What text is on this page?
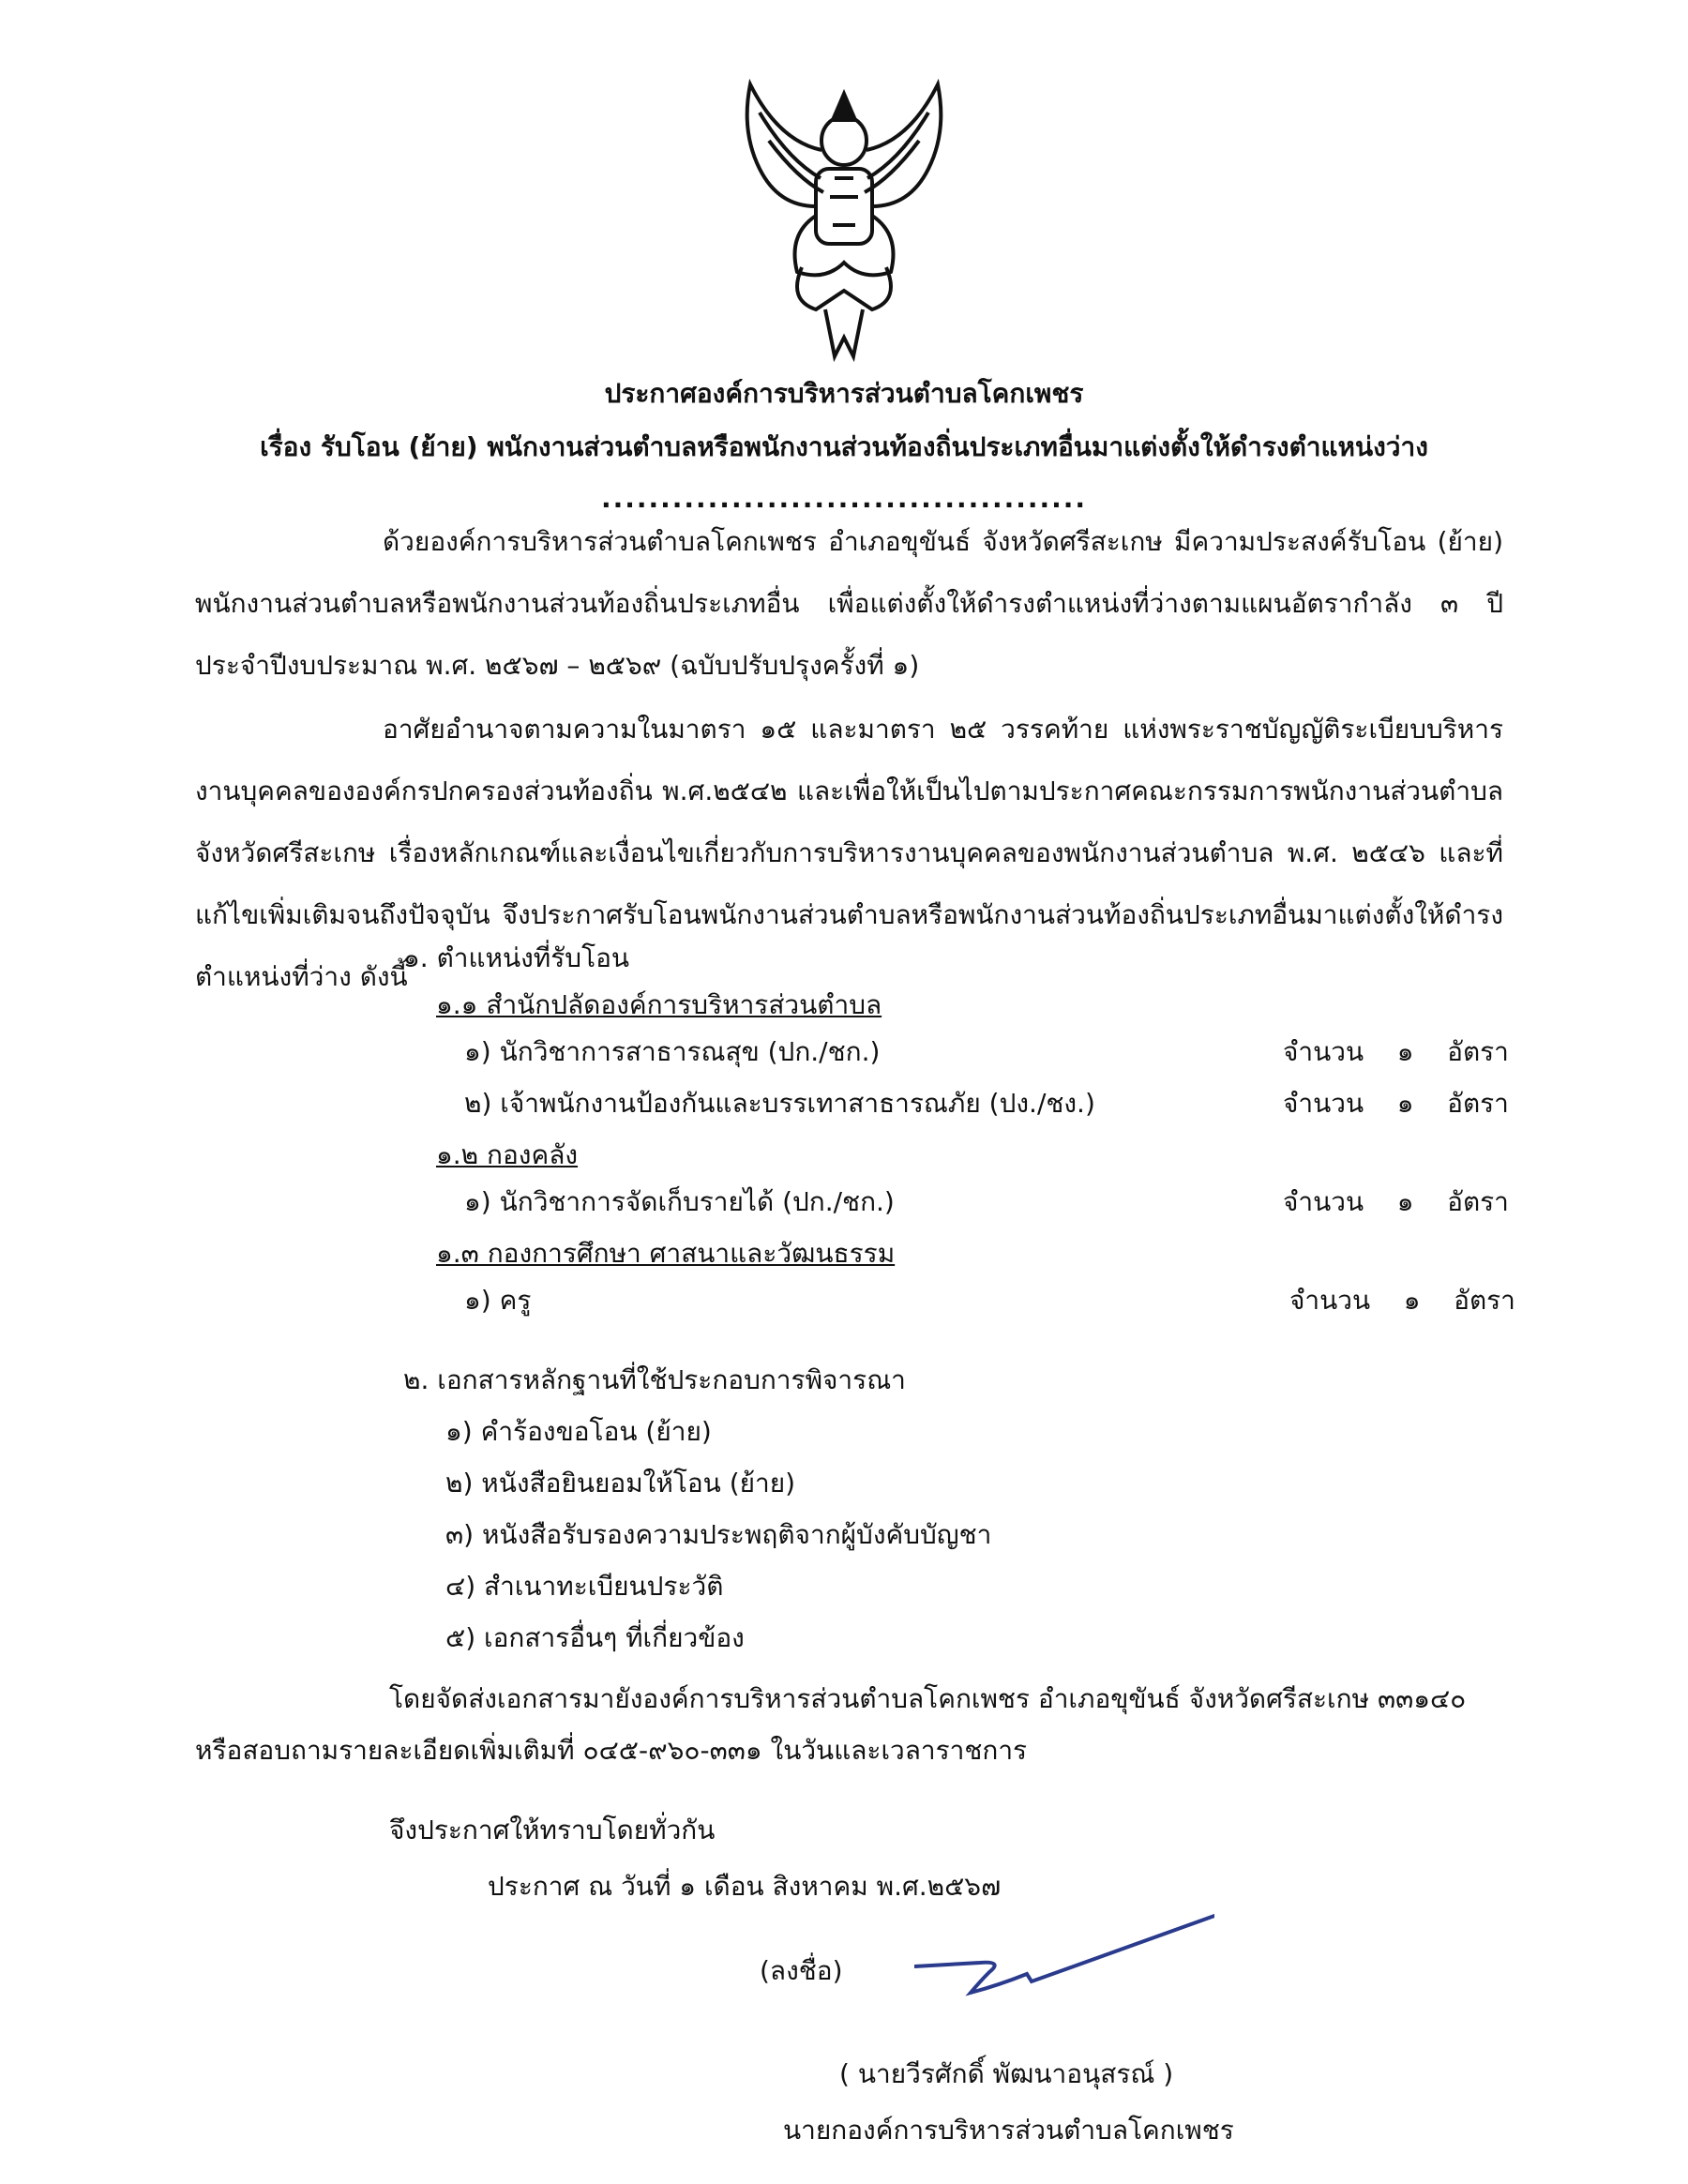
ประกาศองค์การบริหารส่วนตำบลโคกเพชร
เรื่อง รับโอน (ย้าย) พนักงานส่วนตำบลหรือพนักงานส่วนท้องถิ่นประเภทอื่นมาแต่งตั้งให้ดำรงตำแหน่งว่าง
.........................................
ด้วยองค์การบริหารส่วนตำบลโคกเพชร อำเภอขุขันธ์ จังหวัดศรีสะเกษ มีความประสงค์รับโอน (ย้าย) พนักงานส่วนตำบลหรือพนักงานส่วนท้องถิ่นประเภทอื่น เพื่อแต่งตั้งให้ดำรงตำแหน่งที่ว่างตามแผนอัตรากำลัง ๓ ปี ประจำปีงบประมาณ พ.ศ. ๒๕๖๗ – ๒๕๖๙ (ฉบับปรับปรุงครั้งที่ ๑)
อาศัยอำนาจตามความในมาตรา ๑๕ และมาตรา ๒๕ วรรคท้าย แห่งพระราชบัญญัติระเบียบบริหารงานบุคคลขององค์กรปกครองส่วนท้องถิ่น พ.ศ.๒๕๔๒ และเพื่อให้เป็นไปตามประกาศคณะกรรมการพนักงานส่วนตำบลจังหวัดศรีสะเกษ เรื่องหลักเกณฑ์และเงื่อนไขเกี่ยวกับการบริหารงานบุคคลของพนักงานส่วนตำบล พ.ศ. ๒๕๔๖ และที่แก้ไขเพิ่มเติมจนถึงปัจจุบัน จึงประกาศรับโอนพนักงานส่วนตำบลหรือพนักงานส่วนท้องถิ่นประเภทอื่นมาแต่งตั้งให้ดำรงตำแหน่งที่ว่าง ดังนี้
๑. ตำแหน่งที่รับโอน
๑.๑ สำนักปลัดองค์การบริหารส่วนตำบล
๑) นักวิชาการสาธารณสุข (ปก./ชก.)	จำนวน ๑ อัตรา
๒) เจ้าพนักงานป้องกันและบรรเทาสาธารณภัย (ปง./ชง.)	จำนวน ๑ อัตรา
๑.๒ กองคลัง
๑) นักวิชาการจัดเก็บรายได้ (ปก./ชก.)	จำนวน ๑ อัตรา
๑.๓ กองการศึกษา ศาสนาและวัฒนธรรม
๑) ครู	จำนวน ๑ อัตรา
๒. เอกสารหลักฐานที่ใช้ประกอบการพิจารณา
๑) คำร้องขอโอน (ย้าย)
๒) หนังสือยินยอมให้โอน (ย้าย)
๓) หนังสือรับรองความประพฤติจากผู้บังคับบัญชา
๔) สำเนาทะเบียนประวัติ
๕) เอกสารอื่นๆ ที่เกี่ยวข้อง
โดยจัดส่งเอกสารมายังองค์การบริหารส่วนตำบลโคกเพชร อำเภอขุขันธ์ จังหวัดศรีสะเกษ ๓๓๑๔๐
หรือสอบถามรายละเอียดเพิ่มเติมที่ ๐๔๕-๙๖๐-๓๓๑ ในวันและเวลาราชการ
จึงประกาศให้ทราบโดยทั่วกัน
ประกาศ ณ วันที่ ๑ เดือน สิงหาคม พ.ศ.๒๕๖๗
(ลงชื่อ)
( นายวีรศักดิ์ พัฒนาอนุสรณ์ )
นายกองค์การบริหารส่วนตำบลโคกเพชร
